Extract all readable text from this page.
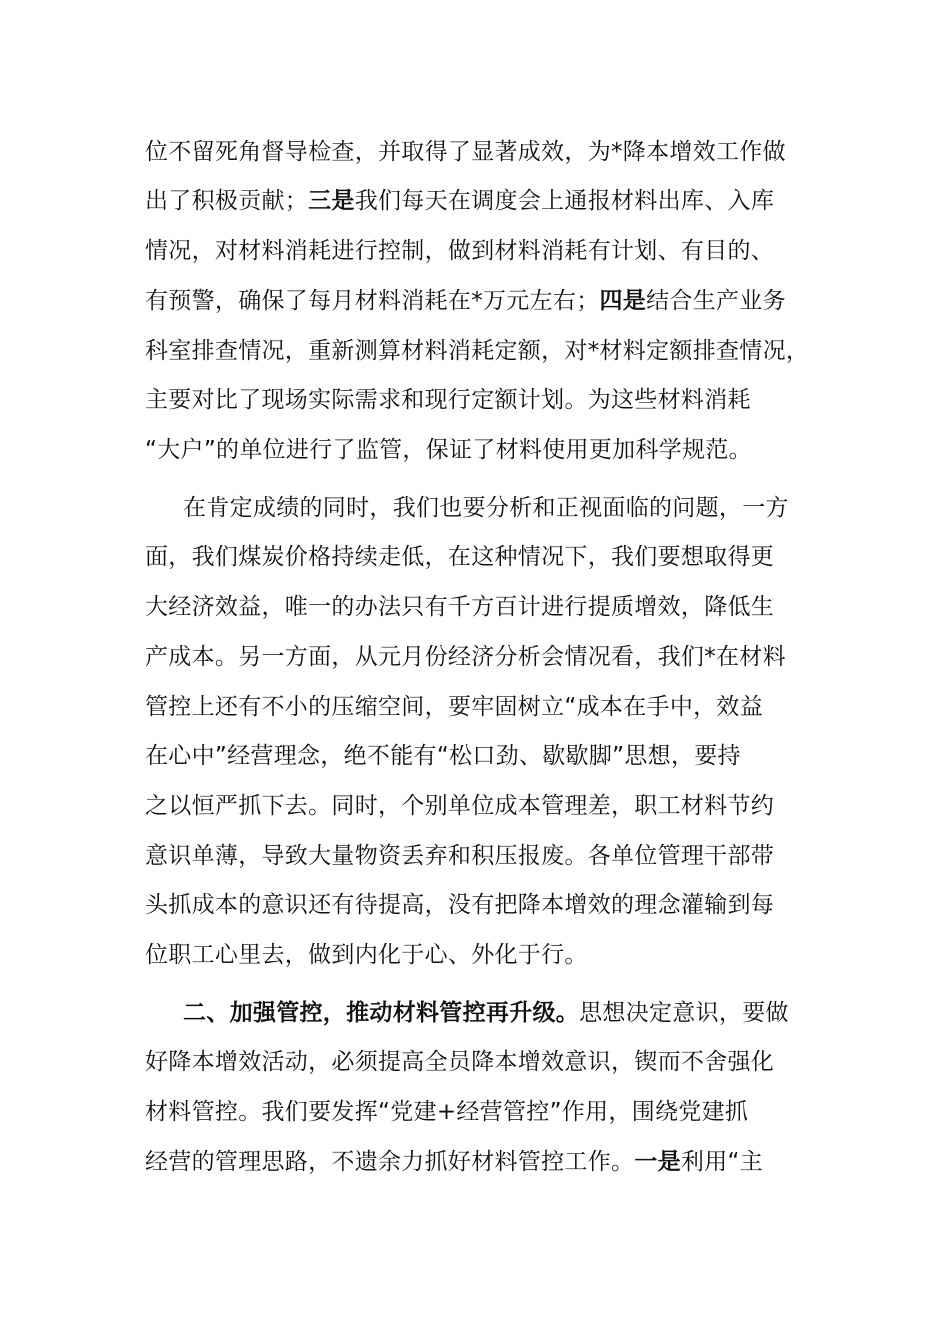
位不留死角督导检查，并取得了显著成效，为*降本增效工作做
出了积极贡献；三是我们每天在调度会上通报材料出库、入库
情况，对材料消耗进行控制，做到材料消耗有计划、有目的、
有预警，确保了每月材料消耗在*万元左右；四是结合生产业务
科室排查情况，重新测算材料消耗定额，对*材料定额排查情况，
主要对比了现场实际需求和现行定额计划。为这些材料消耗
“大户”的单位进行了监管，保证了材料使用更加科学规范。
在肯定成绩的同时，我们也要分析和正视面临的问题，一方
面，我们煤炭价格持续走低，在这种情况下，我们要想取得更
大经济效益，唯一的办法只有千方百计进行提质增效，降低生
产成本。另一方面，从元月份经济分析会情况看，我们*在材料
管控上还有不小的压缩空间，要牢固树立“成本在手中，效益
在心中”经营理念，绝不能有“松口劲、歇歇脚”思想，要持
之以恒严抓下去。同时，个别单位成本管理差，职工材料节约
意识单薄，导致大量物资丢弃和积压报废。各单位管理干部带
头抓成本的意识还有待提高，没有把降本增效的理念灌输到每
位职工心里去，做到内化于心、外化于行。
二、加强管控，推动材料管控再升级。思想决定意识，要做
好降本增效活动，必须提高全员降本增效意识，锲而不舍强化
材料管控。我们要发挥“党建+经营管控”作用，围绕党建抓
经营的管理思路，不遗余力抓好材料管控工作。一是利用“主
